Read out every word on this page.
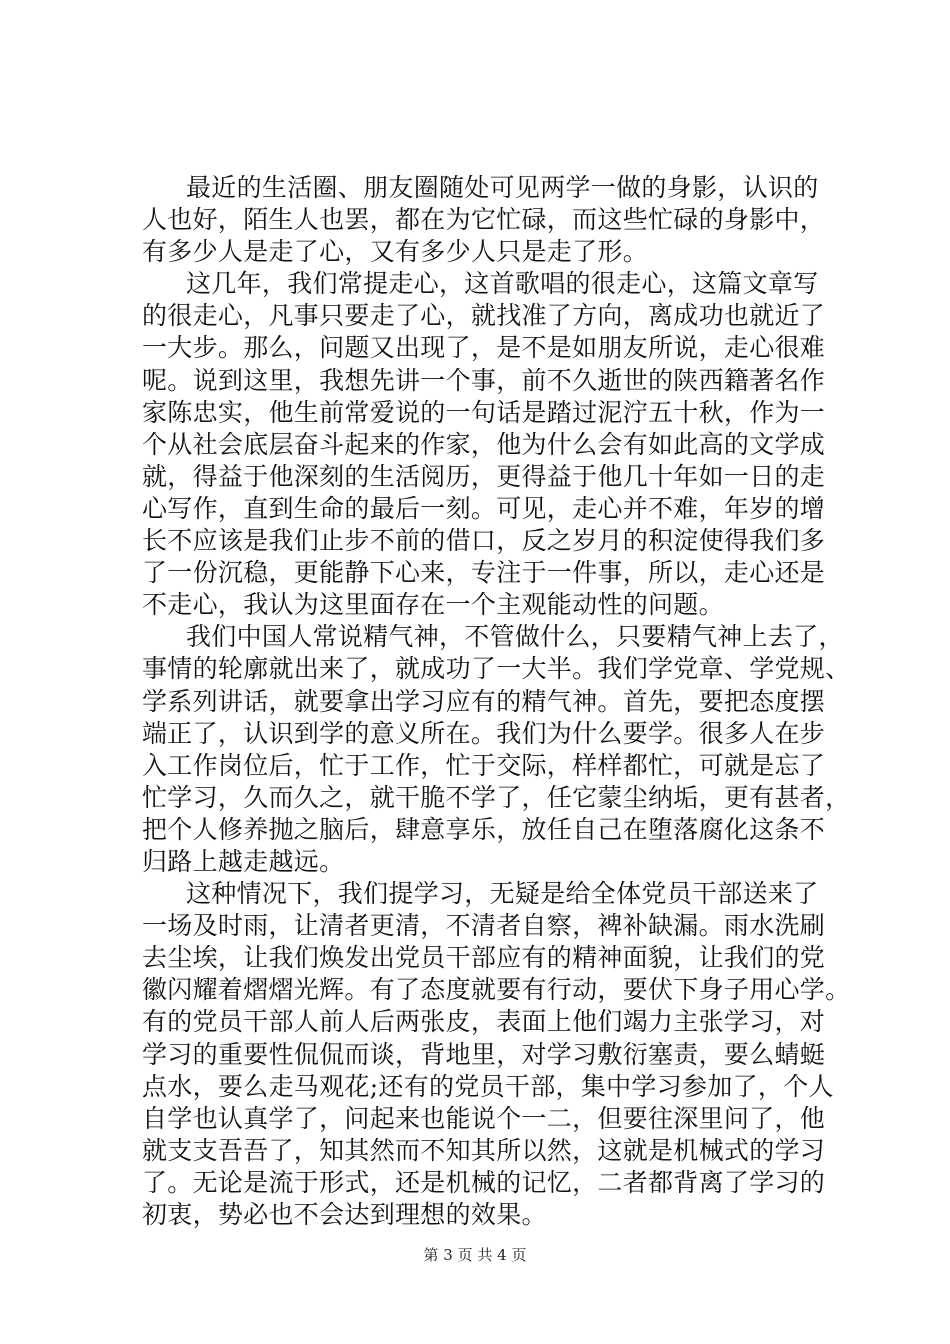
最近的生活圈、朋友圈随处可见两学一做的身影，认识的
人也好，陌生人也罢，都在为它忙碌，而这些忙碌的身影中，
有多少人是走了心，又有多少人只是走了形。
这几年，我们常提走心，这首歌唱的很走心，这篇文章写
的很走心，凡事只要走了心，就找准了方向，离成功也就近了
一大步。那么，问题又出现了，是不是如朋友所说，走心很难
呢。说到这里，我想先讲一个事，前不久逝世的陕西籍著名作
家陈忠实，他生前常爱说的一句话是踏过泥泞五十秋，作为一
个从社会底层奋斗起来的作家，他为什么会有如此高的文学成
就，得益于他深刻的生活阅历，更得益于他几十年如一日的走
心写作，直到生命的最后一刻。可见，走心并不难，年岁的增
长不应该是我们止步不前的借口，反之岁月的积淀使得我们多
了一份沉稳，更能静下心来，专注于一件事，所以，走心还是
不走心，我认为这里面存在一个主观能动性的问题。
我们中国人常说精气神，不管做什么，只要精气神上去了，
事情的轮廓就出来了，就成功了一大半。我们学党章、学党规、
学系列讲话，就要拿出学习应有的精气神。首先，要把态度摆
端正了，认识到学的意义所在。我们为什么要学。很多人在步
入工作岗位后，忙于工作，忙于交际，样样都忙，可就是忘了
忙学习，久而久之，就干脆不学了，任它蒙尘纳垢，更有甚者，
把个人修养抛之脑后，肆意享乐，放任自己在堕落腐化这条不
归路上越走越远。
这种情况下，我们提学习，无疑是给全体党员干部送来了
一场及时雨，让清者更清，不清者自察，裨补缺漏。雨水洗刷
去尘埃，让我们焕发出党员干部应有的精神面貌，让我们的党
徽闪耀着熠熠光辉。有了态度就要有行动，要伏下身子用心学。
有的党员干部人前人后两张皮，表面上他们竭力主张学习，对
学习的重要性侃侃而谈，背地里，对学习敷衍塞责，要么蜻蜓
点水，要么走马观花;还有的党员干部，集中学习参加了，个人
自学也认真学了，问起来也能说个一二，但要往深里问了，他
就支支吾吾了，知其然而不知其所以然，这就是机械式的学习
了。无论是流于形式，还是机械的记忆，二者都背离了学习的
初衷，势必也不会达到理想的效果。
第 3 页 共 4 页
